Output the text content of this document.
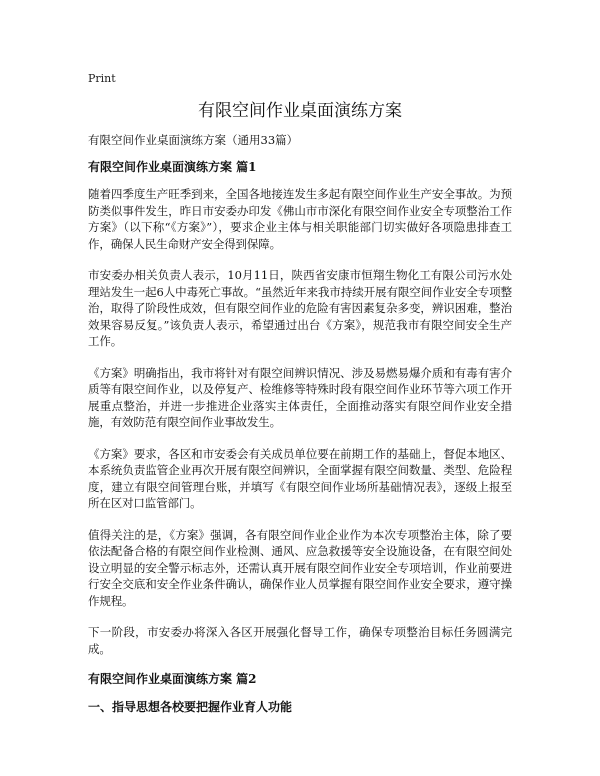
Print
有限空间作业桌面演练方案

有限空间作业桌面演练方案（通用33篇）

有限空间作业桌面演练方案 篇1

随着四季度生产旺季到来，全国各地接连发生多起有限空间作业生产安全事故。为预防类似事件发生，昨日市安委办印发《佛山市市深化有限空间作业安全专项整治工作方案》（以下称“《方案》”），要求企业主体与相关职能部门切实做好各项隐患排查工作，确保人民生命财产安全得到保障。

市安委办相关负责人表示，10月11日，陕西省安康市恒翔生物化工有限公司污水处理站发生一起6人中毒死亡事故。“虽然近年来我市持续开展有限空间作业安全专项整治，取得了阶段性成效，但有限空间作业的危险有害因素复杂多变，辨识困难，整治效果容易反复。”该负责人表示，希望通过出台《方案》，规范我市有限空间安全生产工作。

《方案》明确指出，我市将针对有限空间辨识情况、涉及易燃易爆介质和有毒有害介质等有限空间作业，以及停复产、检维修等特殊时段有限空间作业环节等六项工作开展重点整治，并进一步推进企业落实主体责任，全面推动落实有限空间作业安全措施，有效防范有限空间作业事故发生。

《方案》要求，各区和市安委会有关成员单位要在前期工作的基础上，督促本地区、本系统负责监管企业再次开展有限空间辨识，全面掌握有限空间数量、类型、危险程度，建立有限空间管理台账，并填写《有限空间作业场所基础情况表》，逐级上报至所在区对口监管部门。

值得关注的是，《方案》强调，各有限空间作业企业作为本次专项整治主体，除了要依法配备合格的有限空间作业检测、通风、应急救援等安全设施设备，在有限空间处设立明显的安全警示标志外，还需认真开展有限空间作业安全专项培训，作业前要进行安全交底和安全作业条件确认，确保作业人员掌握有限空间作业安全要求，遵守操作规程。

下一阶段，市安委办将深入各区开展强化督导工作，确保专项整治目标任务圆满完成。

有限空间作业桌面演练方案 篇2

一、指导思想各校要把握作业育人功能
